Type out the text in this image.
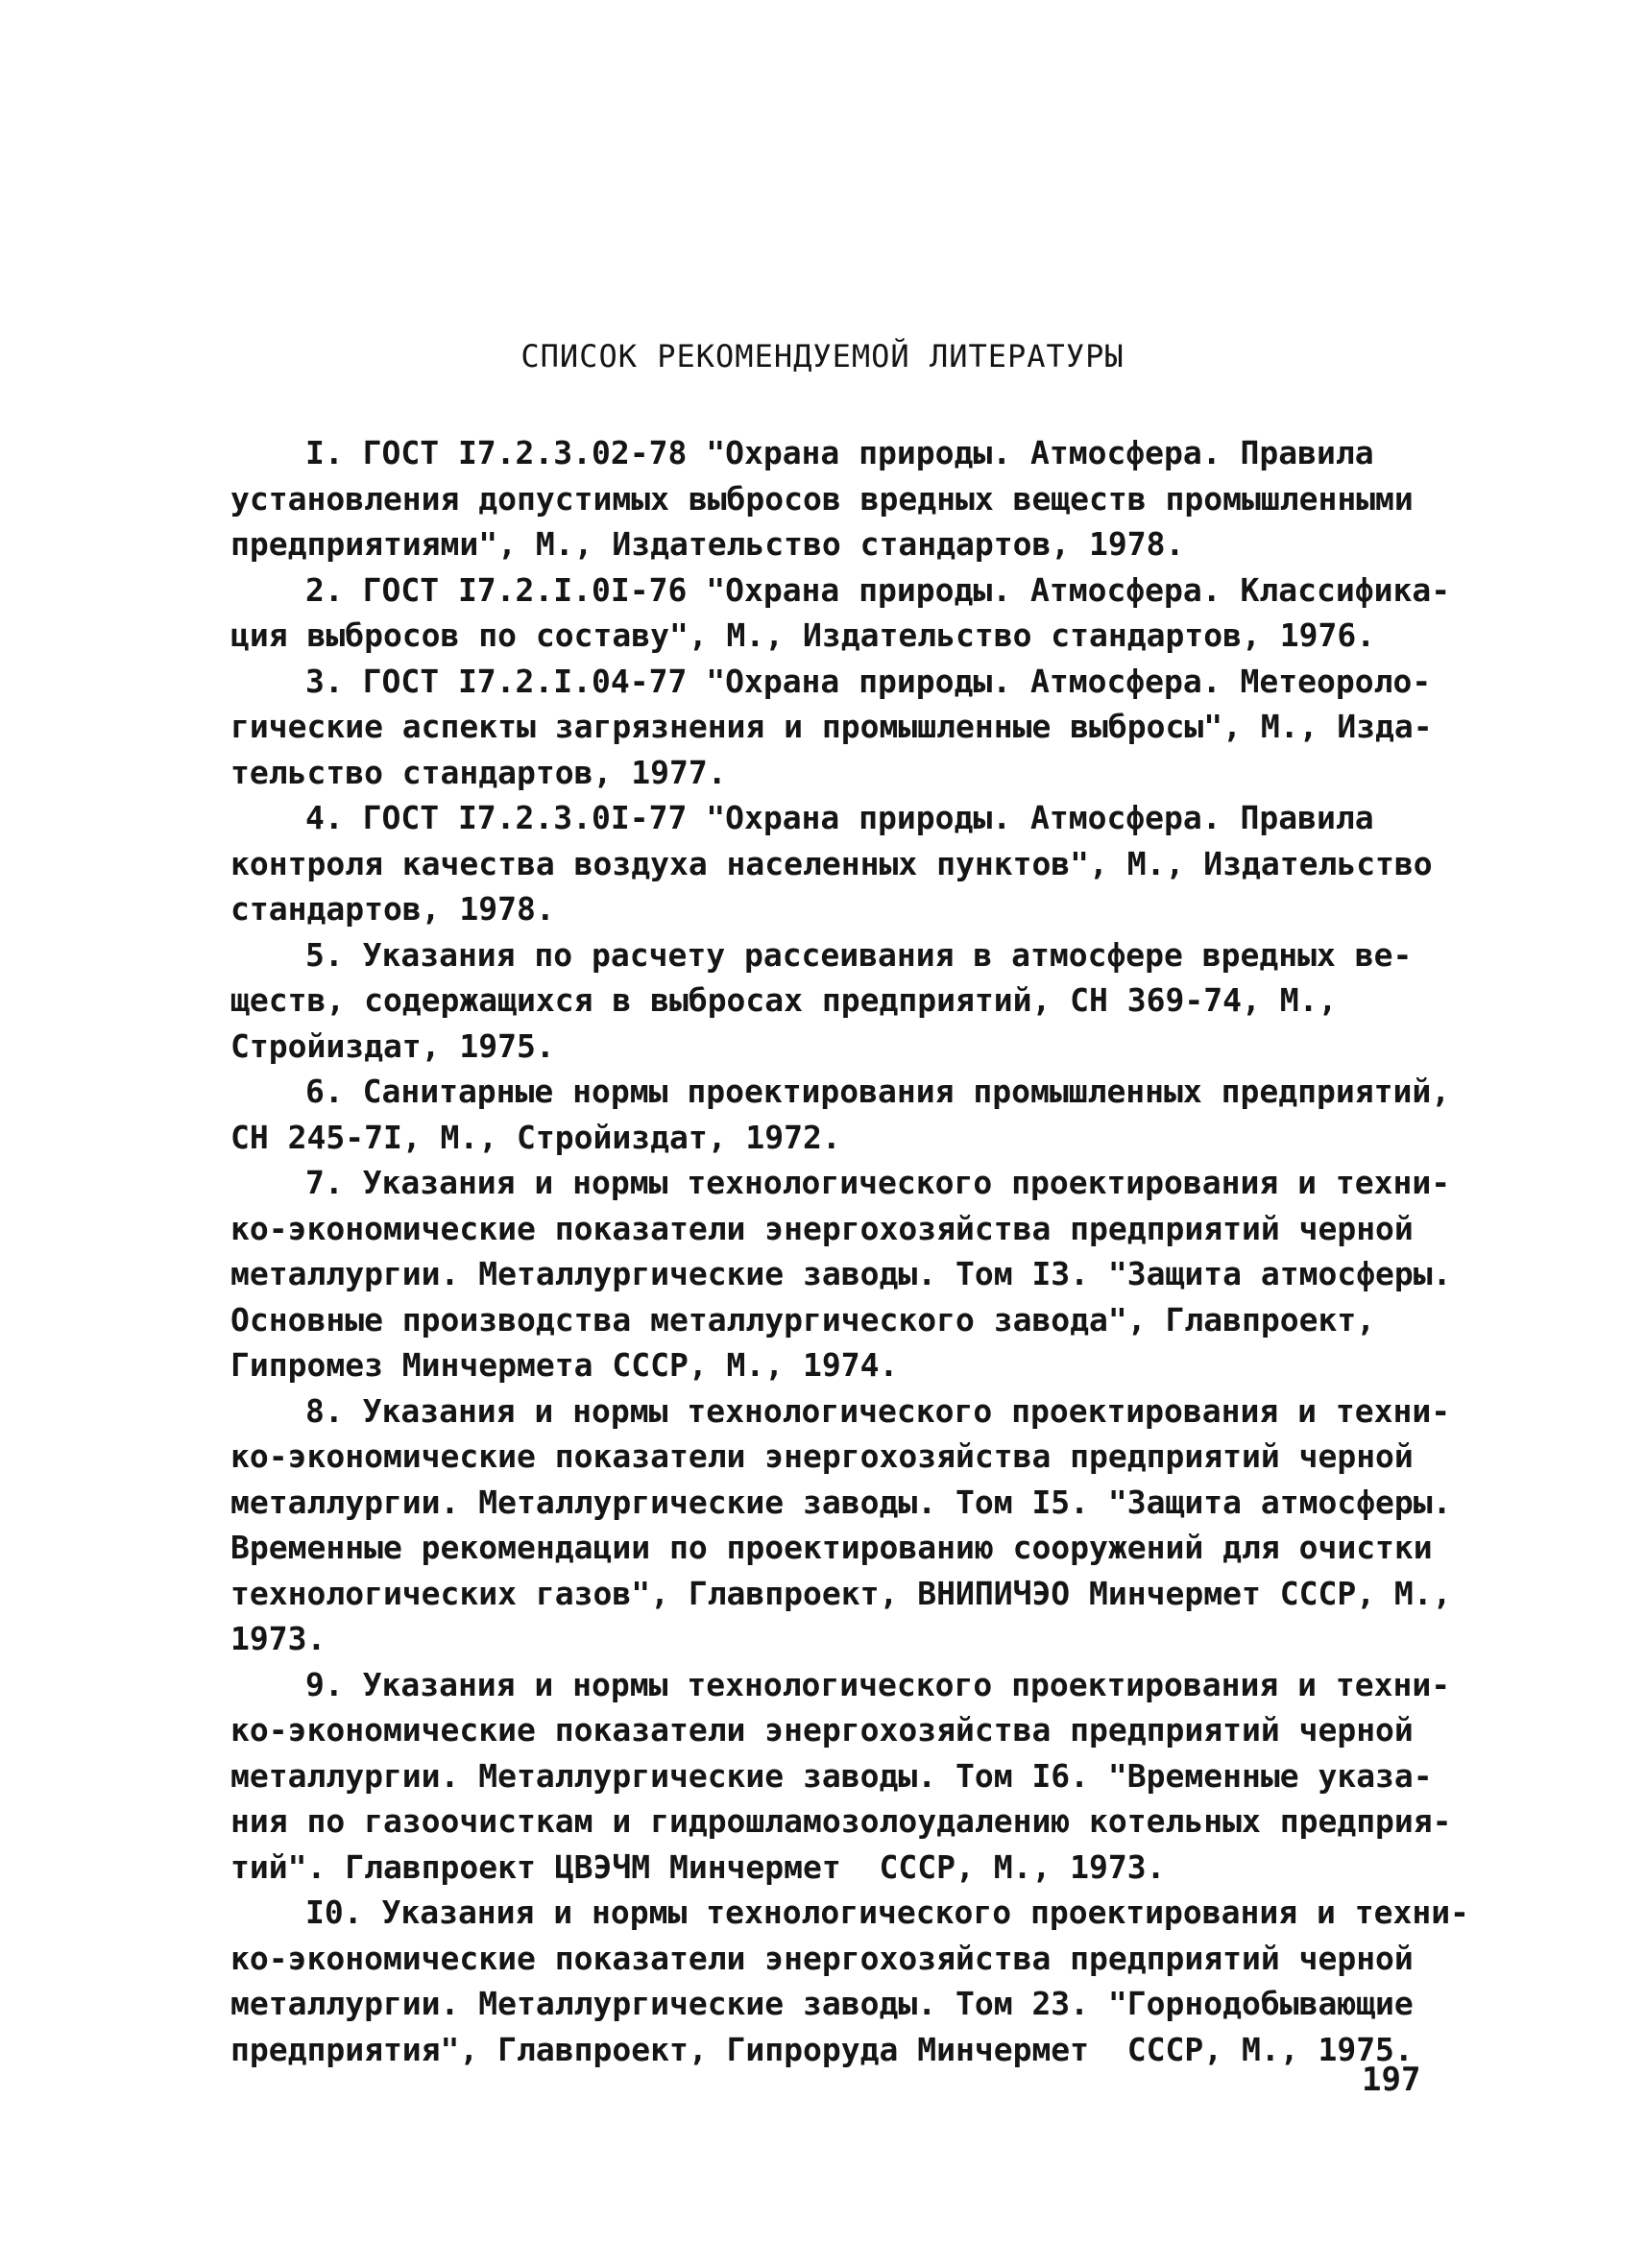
СПИСОК РЕКОМЕНДУЕМОЙ ЛИТЕРАТУРЫ
I. ГОСТ I7.2.3.02-78 "Охрана природы. Атмосфера. Правила
установления допустимых выбросов вредных веществ промышленными
предприятиями", М., Издательство стандартов, 1978.
2. ГОСТ I7.2.I.0I-76 "Охрана природы. Атмосфера. Классифика-
ция выбросов по составу", М., Издательство стандартов, 1976.
3. ГОСТ I7.2.I.04-77 "Охрана природы. Атмосфера. Метеороло-
гические аспекты загрязнения и промышленные выбросы", М., Изда-
тельство стандартов, 1977.
4. ГОСТ I7.2.3.0I-77 "Охрана природы. Атмосфера. Правила
контроля качества воздуха населенных пунктов", М., Издательство
стандартов, 1978.
5. Указания по расчету рассеивания в атмосфере вредных ве-
ществ, содержащихся в выбросах предприятий, СН 369-74, М.,
Стройиздат, 1975.
6. Санитарные нормы проектирования промышленных предприятий,
СН 245-7I, М., Стройиздат, 1972.
7. Указания и нормы технологического проектирования и техни-
ко-экономические показатели энергохозяйства предприятий черной
металлургии. Металлургические заводы. Том I3. "Защита атмосферы.
Основные производства металлургического завода", Главпроект,
Гипромез Минчермета СССР, М., 1974.
8. Указания и нормы технологического проектирования и техни-
ко-экономические показатели энергохозяйства предприятий черной
металлургии. Металлургические заводы. Том I5. "Защита атмосферы.
Временные рекомендации по проектированию сооружений для очистки
технологических газов", Главпроект, ВНИПИЧЭО Минчермет СССР, М.,
1973.
9. Указания и нормы технологического проектирования и техни-
ко-экономические показатели энергохозяйства предприятий черной
металлургии. Металлургические заводы. Том I6. "Временные указа-
ния по газоочисткам и гидрошламозолоудалению котельных предприя-
тий". Главпроект ЦВЭЧМ Минчермет  СССР, М., 1973.
I0. Указания и нормы технологического проектирования и техни-
ко-экономические показатели энергохозяйства предприятий черной
металлургии. Металлургические заводы. Том 23. "Горнодобывающие
предприятия", Главпроект, Гипроруда Минчермет  СССР, М., 1975.
197
